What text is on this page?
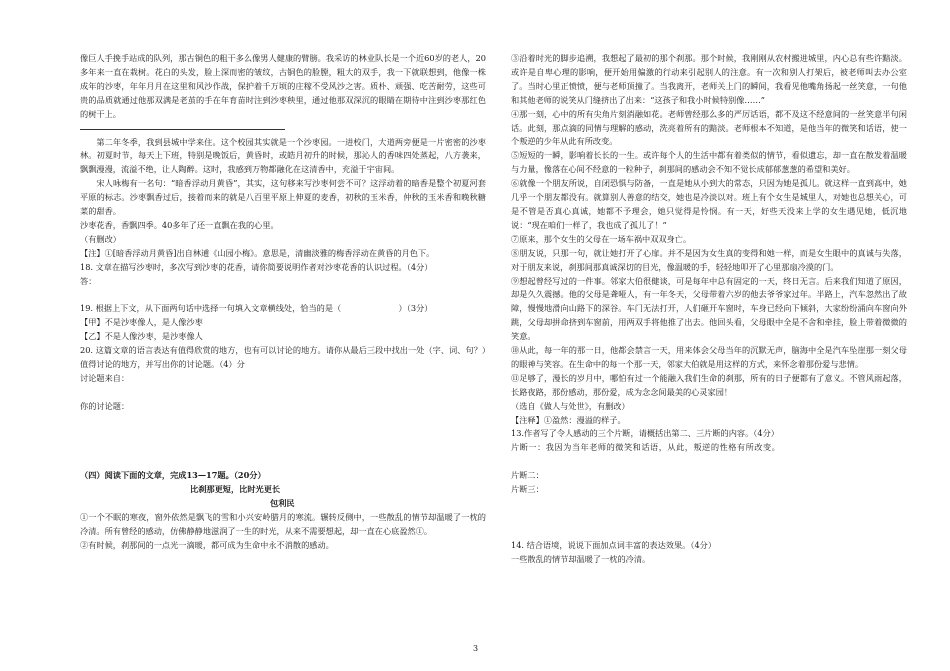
像巨人手挽手站成的队列，那古铜色的粗干多么像男人健康的臂膀。我采访的林业队长是一个近60岁的老人，20多年来一直在栽树。花白的头发，脸上深而密的皱纹，古铜色的脸膛，粗大的双手，我一下就联想到，他像一株成年的沙枣，年年月月在这里和风沙作战，保护着千万顷的庄稼不受风沙之害。质朴、顽强、吃苦耐劳，这些可贵的品质就通过他那双满是老茧的手在年育苗时注到沙枣秧里，通过他那双深沉的眼睛在期待中注到沙枣那红色的树干上。

第二年冬季，我到县城中学来住。这个校园其实就是一个沙枣园。一进校门，大道两旁便是一片密密的沙枣林。初夏时节，每天上下班，特别是晚饭后，黄昏时，或皓月初升的时候，那沁人的香味四处蒸起，八方袭来，飘飘漫漫，流溢不绝，让人陶醉。这时，我感到万物都融化在这清香中，充溢于宇宙间。

宋人咏梅有一名句：“暗香浮动月黄昏”，其实，这句移来写沙枣何尝不可？这浮动着的暗香是整个初夏河套平原的标志。沙枣飘香过后，接着而来的就是八百里平原上伸夏的麦香，初秋的玉米香，仲秋的玉米香和晚秋糖菜的甜香。

沙枣花香，香飘四季。40多年了还一直飘在我的心里。

（有删改）

【注】①[暗香浮动月黄昏]出自林逋《山园小梅》。意思是，清幽淡雅的梅香浮动在黄昏的月色下。

18. 文章在描写沙枣时，多次写到沙枣的花香，请你简要说明作者对沙枣花香的认识过程。（4分）

答：

19. 根据上下文，从下面两句话中选择一句填入文章横线处，恰当的是（　　　　　　　）（3分）

【甲】不是沙枣像人，是人像沙枣

【乙】不是人像沙枣，是沙枣像人

20. 这篇文章的语言表达有值得欣赏的地方，也有可以讨论的地方。请你从最后三段中找出一处（字、词、句？）值得讨论的地方，并写出你的讨论题。（4）分

讨论题来自：

你的讨论题：

（四）阅读下面的文章，完成13—17题。（20分）

比刹那更短，比时光更长

包利民

①一个不眠的寒夜，窗外依然是飘飞的雪和小兴安岭腊月的寒流。辗转反侧中，一些散乱的情节却温暖了一枕的冷清。所有曾经的感动，仿佛静静地滋润了一生的时光，从来不需要想起，却一直在心底盈然①。

②有时候，刹那间的一点光一滴暖，都可成为生命中永不消散的感动。

③沿着时光的脚步追溯，我想起了最初的那个刹那。那个时候，我刚刚从农村搬进城里，内心总有些许黯淡。或许是自卑心理的影响，便开始用偏激的行动来引起别人的注意。有一次和别人打架后，被老师叫去办公室了。当时心里正愤愤，便与老师顶撞了。当我离开，老师关上门的瞬间，我看见他嘴角扬起一丝笑意，一句他和其他老师的说笑从门缝挤出了出来：“这孩子和我小时候特别像……”

④那一刻，心中的所有尖角片刻消融如花。老师曾经那么多的严厉话语，都不及这不经意间的一丝笑意半句闲话。此刻，那点滴的同情与理解的感动，洗亮着所有的黯淡。老师根本不知道，是他当年的微笑和话语，使一个叛逆的少年从此有所改变。

⑤短短的一瞬，影响着长长的一生。或许每个人的生活中都有着类似的情节，看似遗忘，却一直在散发着温暖与力量，像落在心间不经意的一粒种子，刹那间的感动会不知不觉长成郁郁葱葱的希望和美好。

⑥就像一个朋友所说，自闭恐惧与防备，一直是她从小到大的常态，只因为她是孤儿。就这样一直到高中，她几乎一个朋友都没有。就算别人善意的结交，她也是冷淡以对。班上有个女生是城里人，对她也总想关心，可是不管是否真心真诚，她都不予理会，她只觉得是怜悯。有一天，好些天没来上学的女生遇见她，低沉地说：“现在咱们一样了，我也成了孤儿了！”

⑦原来，那个女生的父母在一场车祸中双双身亡。

⑧朋友说，只那一句，就让她打开了心扉。并不是因为女生真的变得和她一样，而是女生眼中的真诚与失落，对于朋友来说，刹那间那真诚深切的目光，像温暖的手，轻轻地叩开了心里那扇冷漠的门。

⑨想起曾经写过的一件事。邻家大伯很健谈，可是每年中总有固定的一天，终日无言。后来我们知道了原因，却是久久震撼。他的父母是聋哑人，有一年冬天，父母带着六岁的他去爷爷家过年。半路上，汽车忽然出了故障，慢慢地滑向山路下的深谷。车门无法打开，人们砸开车窗时，车身已经向下倾斜，大家纷纷涌向车窗向外跳，父母却拼命挤到车窗前，用两双手将他推了出去。他回头看，父母眼中全是不舍和牵挂，脸上带着微微的笑意。

⑩从此，每一年的那一日，他都会禁言一天，用来体会父母当年的沉默无声，脑海中全是汽车坠崖那一刻父母的眼神与笑容。在生命中的每一个那一天，邻家大伯就是用这样的方式，来怀念着那份爱与悲情。

⑪足够了，漫长的岁月中，哪怕有过一个能融入我们生命的刹那，所有的日子便都有了意义。不管风雨起落，长路夜路，那份感动，那份爱，成为念念间最美的心灵家园！

（选自《做人与处世》，有删改）

【注释】①盈然：漫溢的样子。

13.作者写了令人感动的三个片断，请概括出第二、三片断的内容。（4分）

片断一：我因为当年老师的微笑和话语，从此，叛逆的性格有所改变。

片断二：

片断三：

14. 结合语境，说说下面加点词丰富的表达效果。（4分）

一些散乱的情节却温暖了一枕的冷清。

3
